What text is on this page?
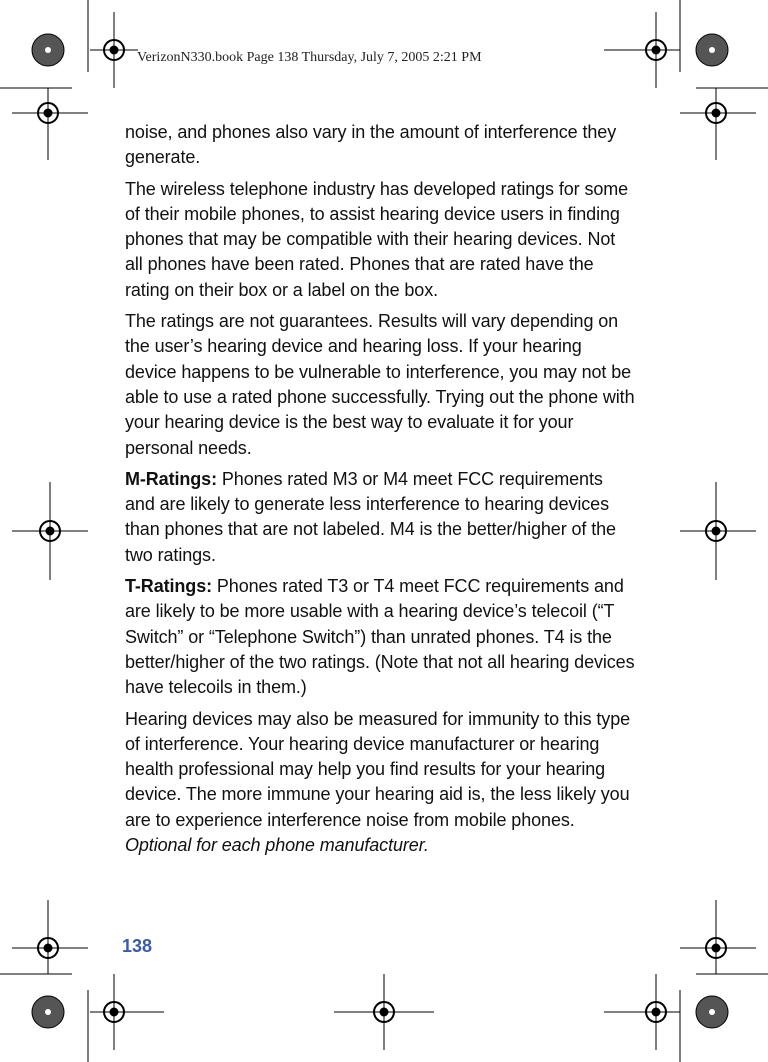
VerizonN330.book Page 138 Thursday, July 7, 2005 2:21 PM

noise, and phones also vary in the amount of interference they generate.

The wireless telephone industry has developed ratings for some of their mobile phones, to assist hearing device users in finding phones that may be compatible with their hearing devices. Not all phones have been rated. Phones that are rated have the rating on their box or a label on the box.

The ratings are not guarantees. Results will vary depending on the user’s hearing device and hearing loss. If your hearing device happens to be vulnerable to interference, you may not be able to use a rated phone successfully. Trying out the phone with your hearing device is the best way to evaluate it for your personal needs.

M-Ratings: Phones rated M3 or M4 meet FCC requirements and are likely to generate less interference to hearing devices than phones that are not labeled. M4 is the better/higher of the two ratings.

T-Ratings: Phones rated T3 or T4 meet FCC requirements and are likely to be more usable with a hearing device’s telecoil (“T Switch” or “Telephone Switch”) than unrated phones. T4 is the better/higher of the two ratings. (Note that not all hearing devices have telecoils in them.)

Hearing devices may also be measured for immunity to this type of interference. Your hearing device manufacturer or hearing health professional may help you find results for your hearing device. The more immune your hearing aid is, the less likely you are to experience interference noise from mobile phones. Optional for each phone manufacturer.

138
